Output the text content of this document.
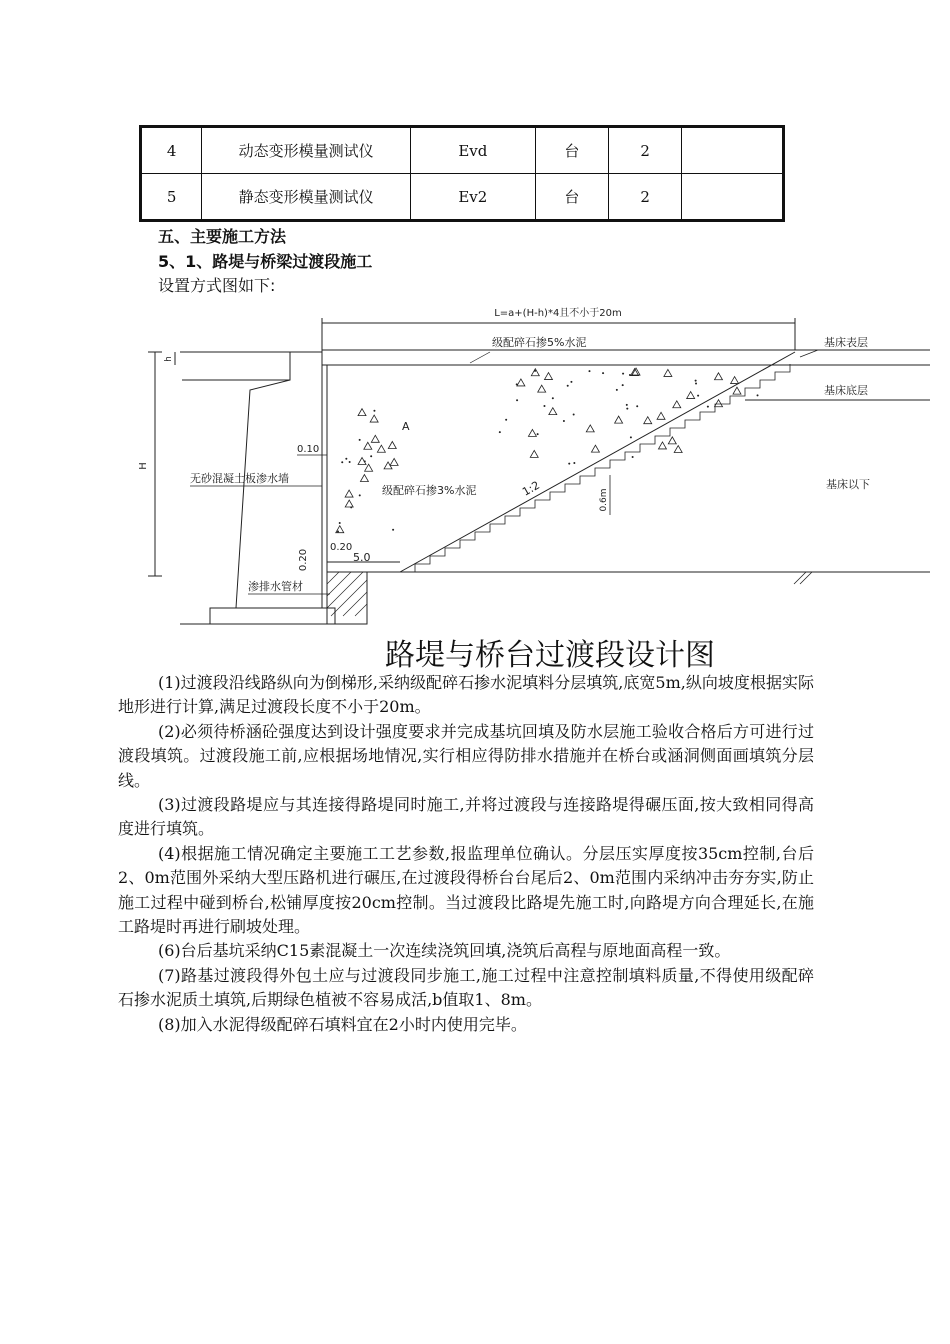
4	动态变形模量测试仪	Evd	台	2	
5	静态变形模量测试仪	Ev2	台	2	
五、主要施工方法
5、1、路堤与桥梁过渡段施工
设置方式图如下:
L=a+(H-h)*4且不小于20m
级配碎石掺5%水泥	基床表层
基床底层
基床以下
H
h
A
级配碎石掺3%水泥	1:2	0.6m
0.10
无砂混凝土板渗水墙
0.20
0.20	5.0
渗排水管材
路堤与桥台过渡段设计图

(1)过渡段沿线路纵向为倒梯形,采纳级配碎石掺水泥填料分层填筑,底宽5m,纵向坡度根据实际地形进行计算,满足过渡段长度不小于20m。

(2)必须待桥涵砼强度达到设计强度要求并完成基坑回填及防水层施工验收合格后方可进行过渡段填筑。过渡段施工前,应根据场地情况,实行相应得防排水措施并在桥台或涵洞侧面画填筑分层线。

(3)过渡段路堤应与其连接得路堤同时施工,并将过渡段与连接路堤得碾压面,按大致相同得高度进行填筑。

(4)根据施工情况确定主要施工工艺参数,报监理单位确认。分层压实厚度按35cm控制,台后2、0m范围外采纳大型压路机进行碾压,在过渡段得桥台台尾后2、0m范围内采纳冲击夯夯实,防止施工过程中碰到桥台,松铺厚度按20cm控制。当过渡段比路堤先施工时,向路堤方向合理延长,在施工路堤时再进行刷坡处理。

(6)台后基坑采纳C15素混凝土一次连续浇筑回填,浇筑后高程与原地面高程一致。

(7)路基过渡段得外包土应与过渡段同步施工,施工过程中注意控制填料质量,不得使用级配碎石掺水泥质土填筑,后期绿色植被不容易成活,b值取1、8m。

(8)加入水泥得级配碎石填料宜在2小时内使用完毕。
